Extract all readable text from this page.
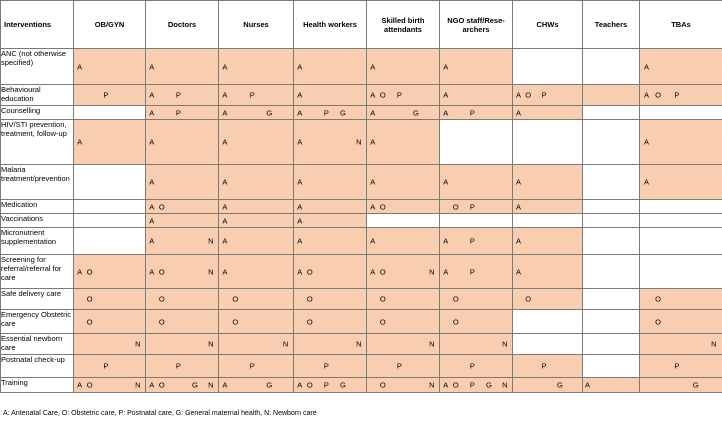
Interventions	OB/GYN	Doctors	Nurses	Health workers	Skilled birth attendants	NGO staff/Rese-archers	CHWs	Teachers	TBAs
ANC (not otherwise specified)	A	A	A	A	A	A			A

Behavioural education	P	A P	A P	A	A O P	A	A O P		A O P

Counselling		A P	A G	A P G	A G	A P	A		

HIV/STI prevention, treatment, follow-up	A	A	A	A N	A				A

Malaria treatment/prevention		A	A	A	A	A	A		A

Medication		A O	A	A	A O	O P	A		

Vaccinations		A	A	A					

Micronutrient supplementation		A N	A	A	A	A P	A		

Screening for referral/referral for care	A O	A O N	A	A O	A O N	A P	A		

Safe delivery care	O	O	O	O	O	O	O		O

Emergency Obstetric care	O	O	O	O	O	O			O

Essential newborn care	N	N	N	N	N	N			N

Postnatal check-up	P	P	P	P	P	P	P		P

Training	A O N	A O G N	A G	A O P G	O N	A O P G N	G	A	G
A: Antenatal Care, O: Obstetric care, P: Postnatal care, G: General maternal health, N: Newborn care
